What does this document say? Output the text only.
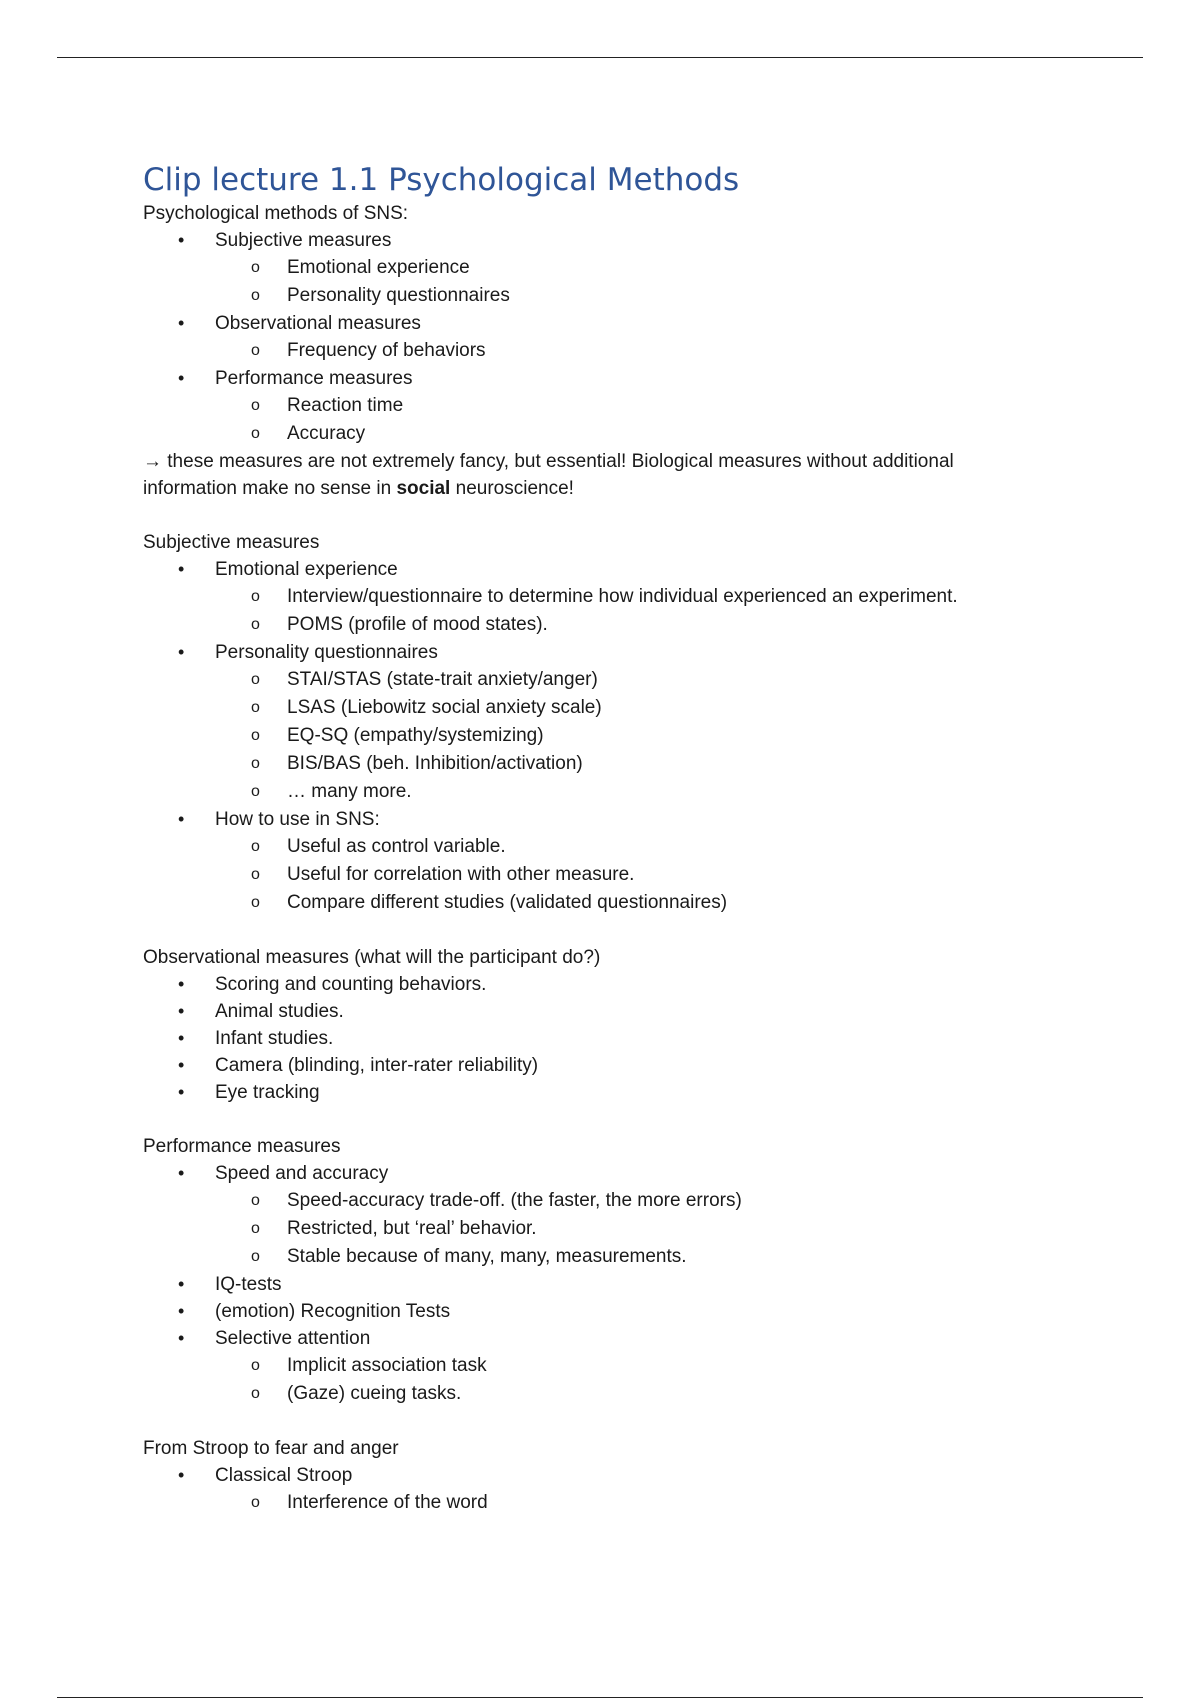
Clip lecture 1.1 Psychological Methods

Psychological methods of SNS:

• Subjective measures
o Emotional experience
o Personality questionnaires
• Observational measures
o Frequency of behaviors
• Performance measures
o Reaction time
o Accuracy

→ these measures are not extremely fancy, but essential! Biological measures without additional information make no sense in social neuroscience!

Subjective measures

• Emotional experience
o Interview/questionnaire to determine how individual experienced an experiment.
o POMS (profile of mood states).
• Personality questionnaires
o STAI/STAS (state-trait anxiety/anger)
o LSAS (Liebowitz social anxiety scale)
o EQ-SQ (empathy/systemizing)
o BIS/BAS (beh. Inhibition/activation)
o … many more.
• How to use in SNS:
o Useful as control variable.
o Useful for correlation with other measure.
o Compare different studies (validated questionnaires)

Observational measures (what will the participant do?)

• Scoring and counting behaviors.
• Animal studies.
• Infant studies.
• Camera (blinding, inter-rater reliability)
• Eye tracking

Performance measures

• Speed and accuracy
o Speed-accuracy trade-off. (the faster, the more errors)
o Restricted, but ‘real’ behavior.
o Stable because of many, many, measurements.
• IQ-tests
• (emotion) Recognition Tests
• Selective attention
o Implicit association task
o (Gaze) cueing tasks.

From Stroop to fear and anger

• Classical Stroop
o Interference of the word
